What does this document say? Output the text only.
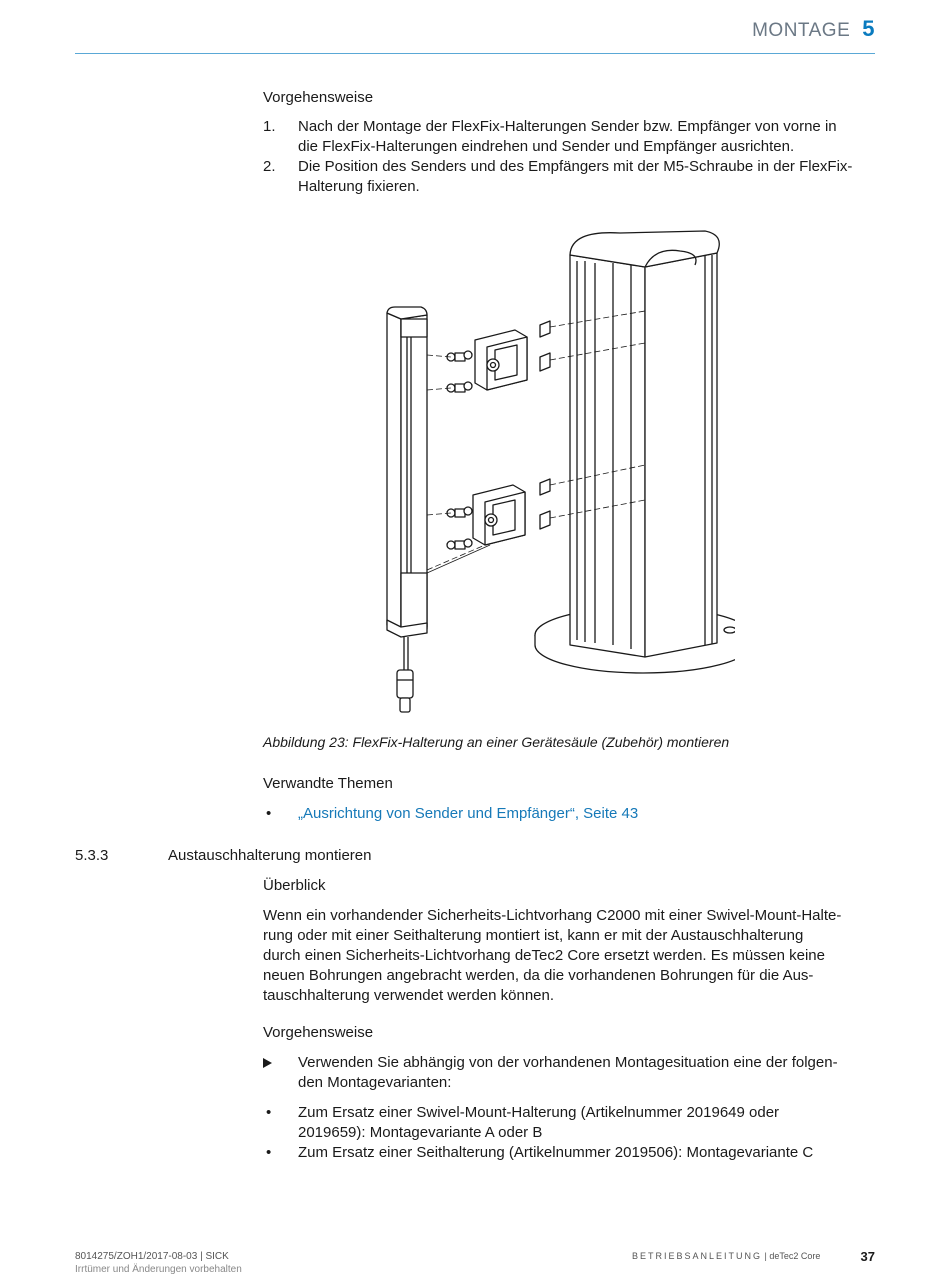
MONTAGE 5
Vorgehensweise
1. Nach der Montage der FlexFix-Halterungen Sender bzw. Empfänger von vorne in
die FlexFix-Halterungen eindrehen und Sender und Empfänger ausrichten.
2. Die Position des Senders und des Empfängers mit der M5-Schraube in der FlexFix-
Halterung fixieren.
Abbildung 23: FlexFix-Halterung an einer Gerätesäule (Zubehör) montieren
Verwandte Themen
• „Ausrichtung von Sender und Empfänger“, Seite 43
5.3.3	Austauschhalterung montieren
Überblick
Wenn ein vorhandender Sicherheits-Lichtvorhang C2000 mit einer Swivel-Mount-Halte-
rung oder mit einer Seithalterung montiert ist, kann er mit der Austauschhalterung
durch einen Sicherheits-Lichtvorhang deTec2 Core ersetzt werden. Es müssen keine
neuen Bohrungen angebracht werden, da die vorhandenen Bohrungen für die Aus-
tauschhalterung verwendet werden können.
Vorgehensweise
Verwenden Sie abhängig von der vorhandenen Montagesituation eine der folgen-
den Montagevarianten:
• Zum Ersatz einer Swivel-Mount-Halterung (Artikelnummer 2019649 oder
2019659): Montagevariante A oder B
• Zum Ersatz einer Seithalterung (Artikelnummer 2019506): Montagevariante C
8014275/ZOH1/2017-08-03 | SICK
Irrtümer und Änderungen vorbehalten
BETRIEBSANLEITUNG | deTec2 Core	37
